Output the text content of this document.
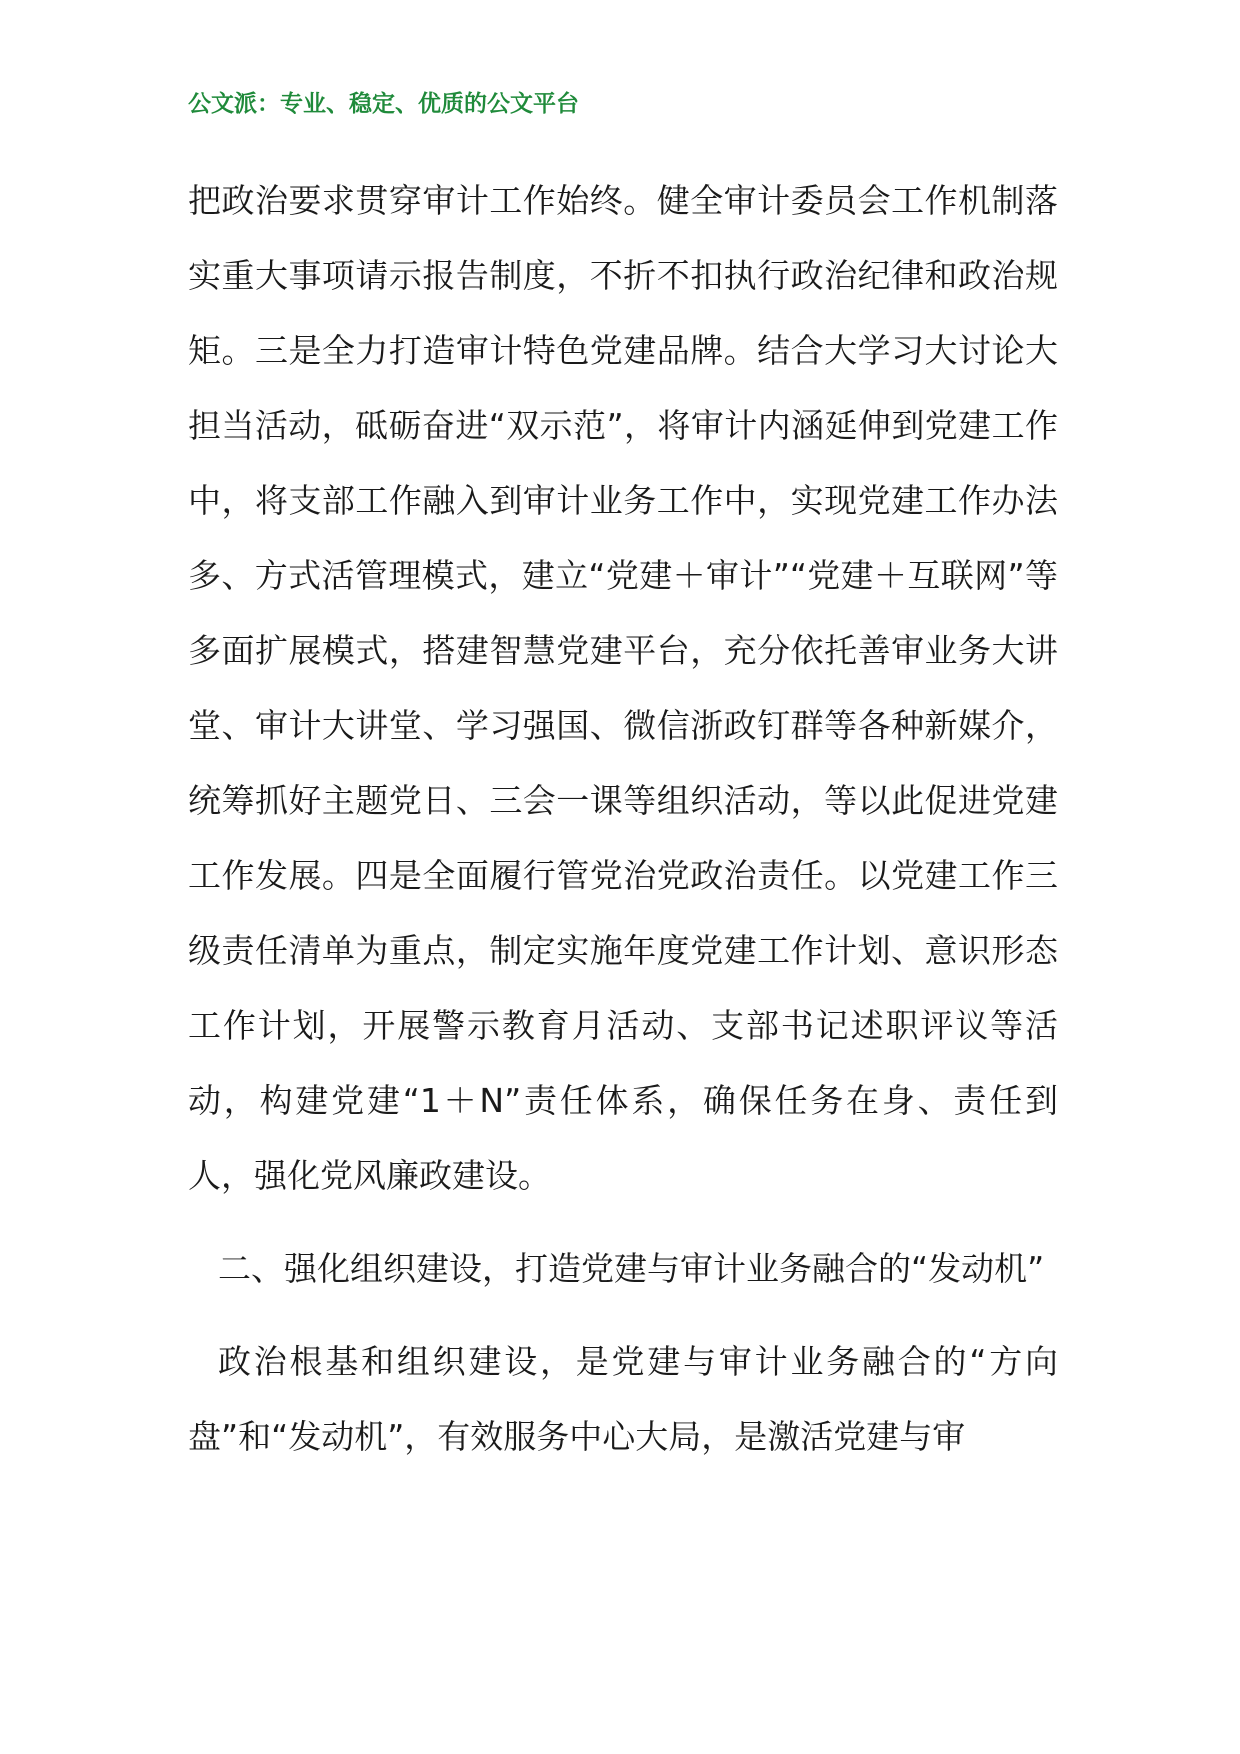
公文派：专业、稳定、优质的公文平台

把政治要求贯穿审计工作始终。健全审计委员会工作机制落实重大事项请示报告制度，不折不扣执行政治纪律和政治规矩。三是全力打造审计特色党建品牌。结合大学习大讨论大担当活动，砥砺奋进“双示范”，将审计内涵延伸到党建工作中，将支部工作融入到审计业务工作中，实现党建工作办法多、方式活管理模式，建立“党建＋审计”“党建＋互联网”等多面扩展模式，搭建智慧党建平台，充分依托善审业务大讲堂、审计大讲堂、学习强国、微信浙政钉群等各种新媒介，统筹抓好主题党日、三会一课等组织活动，等以此促进党建工作发展。四是全面履行管党治党政治责任。以党建工作三级责任清单为重点，制定实施年度党建工作计划、意识形态工作计划，开展警示教育月活动、支部书记述职评议等活动，构建党建“1＋N”责任体系，确保任务在身、责任到人，强化党风廉政建设。

二、强化组织建设，打造党建与审计业务融合的“发动机”

政治根基和组织建设，是党建与审计业务融合的“方向盘”和“发动机”，有效服务中心大局，是激活党建与审
